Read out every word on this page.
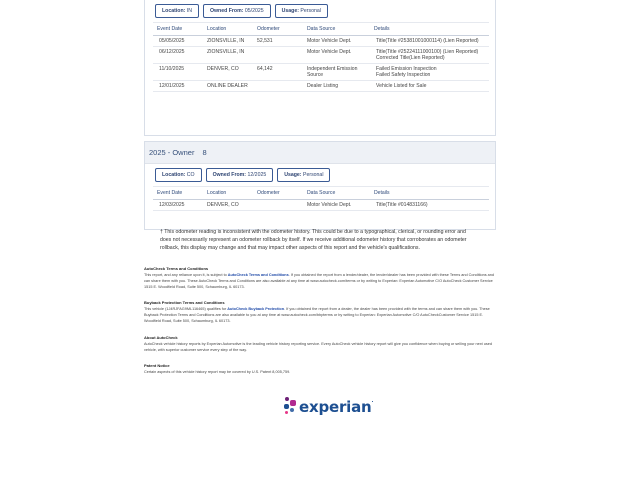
Location: IN	Owned From: 05/2025	Usage: Personal
Event Date	Location	Odometer	Data Source	Details
05/05/2025	ZIONSVILLE, IN	52,531	Motor Vehicle Dept.	Title(Title #25381001000114) (Lien Reported)
06/12/2025	ZIONSVILLE, IN		Motor Vehicle Dept.	Title(Title #25224111000100) (Lien Reported)
Corrected Title(Lien Reported)
11/10/2025	DENVER, CO	64,142	Independent Emission Source	Failed Emission Inspection
Failed Safety Inspection
12/01/2025	ONLINE DEALER		Dealer Listing	Vehicle Listed for Sale
2025 - Owner 8
Location: CO	Owned From: 12/2025	Usage: Personal
Event Date	Location	Odometer	Data Source	Details
12/03/2025	DENVER, CO		Motor Vehicle Dept.	Title(Title #014831166)
† This odometer reading is inconsistent with the odometer history. This could be due to a typographical, clerical, or rounding error and does not necessarily represent an odometer rollback by itself. If we receive additional odometer history that corroborates an odometer rollback, this display may change and that may impact other aspects of this report and the vehicle's qualifications.
AutoCheck Terms and Conditions
This report, and any reliance upon it, is subject to AutoCheck Terms and Conditions. If you obtained the report from a lender/dealer, the lender/dealer has been provided with these Terms and Conditions and can share them with you. These AutoCheck Terms and Conditions are also available at any time at www.autocheck.com/terms or by writing to Experian: Experian Automotive C/O AutoCheck Customer Service 1515 E. Woodfield Road, Suite 500, Schaumburg, IL 60173.
Buyback Protection Terms and Conditions
This vehicle (1J4RJFAG9ML116465) qualifies for AutoCheck Buyback Protection. If you obtained the report from a dealer, the dealer has been provided with the terms and can share them with you. These Buyback Protection Terms and Conditions are also available to you at any time at www.autocheck.com/bbpterms or by writing to Experian: Experian Automotive C/O AutoCheckCustomer Service 1515 E. Woodfield Road, Suite 500, Schaumburg, IL 60173.
About AutoCheck
AutoCheck vehicle history reports by Experian Automotive is the leading vehicle history reporting service. Every AutoCheck vehicle history report will give you confidence when buying or selling your next used vehicle, with superior customer service every step of the way.
Patent Notice
Certain aspects of this vehicle history report may be covered by U.S. Patent 8,005,759.
experian.
